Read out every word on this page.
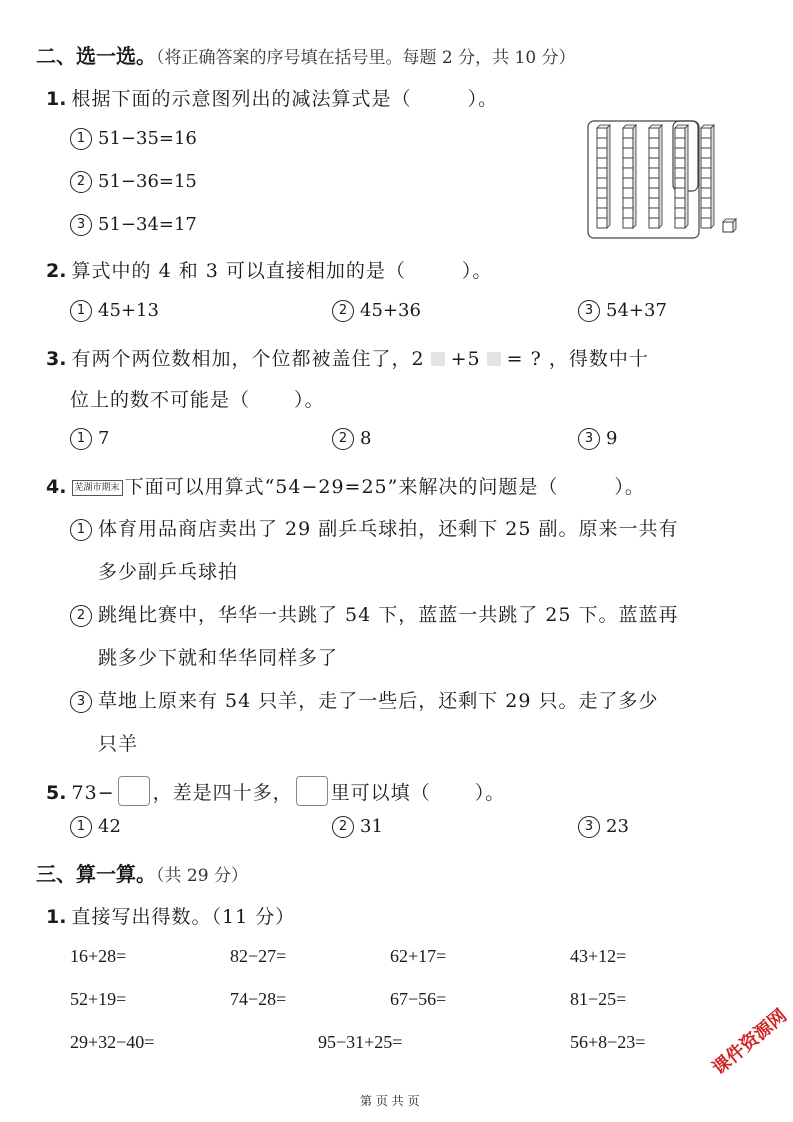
二、选一选。（将正确答案的序号填在括号里。每题 2 分，共 10 分）
1. 根据下面的示意图列出的减法算式是（	）。
1 51−35=16
2 51−36=15
3 51−34=17
2. 算式中的 4 和 3 可以直接相加的是（	）。
1 45+13	2 45+36	3 54+37
3. 有两个两位数相加，个位都被盖住了，2 +5 = ? ，得数中十
位上的数不可能是（ ）。
1 7	2 8	3 9
4. 芜湖市期末 下面可以用算式“54−29=25”来解决的问题是（	）。
1 体育用品商店卖出了 29 副乒乓球拍，还剩下 25 副。原来一共有
多少副乒乓球拍
2 跳绳比赛中，华华一共跳了 54 下，蓝蓝一共跳了 25 下。蓝蓝再
跳多少下就和华华同样多了
3 草地上原来有 54 只羊，走了一些后，还剩下 29 只。走了多少
只羊
5. 73− ，差是四十多， 里可以填（ ）。
1 42	2 31	3 23
三、算一算。（共 29 分）
1. 直接写出得数。（11 分）
16+28=	82−27=	62+17=	43+12=
52+19=	74−28=	67−56=	81−25=
29+32−40=	95−31+25=	56+8−23=	课件资源网
第 页 共 页
